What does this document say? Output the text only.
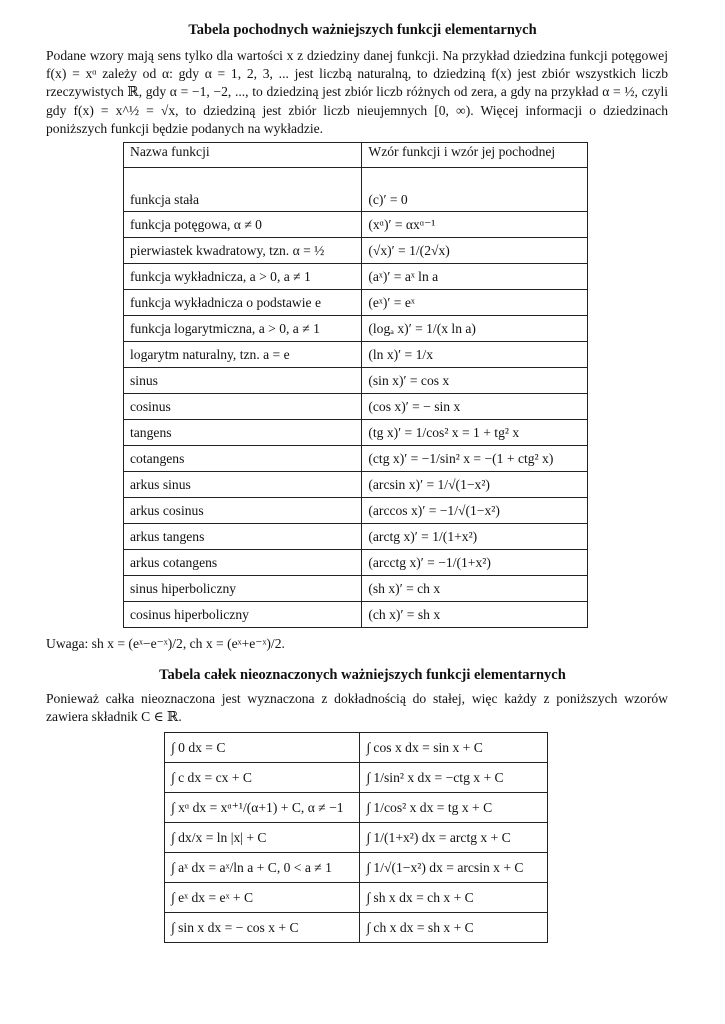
Tabela pochodnych ważniejszych funkcji elementarnych

Podane wzory mają sens tylko dla wartości x z dziedziny danej funkcji. Na przykład dziedzina funkcji potęgowej f(x) = xᵅ zależy od α: gdy α = 1, 2, 3, ... jest liczbą naturalną, to dziedziną f(x) jest zbiór wszystkich liczb rzeczywistych ℝ, gdy α = −1, −2, ..., to dziedziną jest zbiór liczb różnych od zera, a gdy na przykład α = ½, czyli gdy f(x) = x^½ = √x, to dziedziną jest zbiór liczb nieujemnych [0, ∞). Więcej informacji o dziedzinach poniższych funkcji będzie podanych na wykładzie.

Nazwa funkcji	Wzór funkcji i wzór jej pochodnej
funkcja stała	(c)′ = 0
funkcja potęgowa, α ≠ 0	(xᵅ)′ = αxᵅ⁻¹
pierwiastek kwadratowy, tzn. α = ½	(√x)′ = 1/(2√x)
funkcja wykładnicza, a > 0, a ≠ 1	(aˣ)′ = aˣ ln a
funkcja wykładnicza o podstawie e	(eˣ)′ = eˣ
funkcja logarytmiczna, a > 0, a ≠ 1	(logₐ x)′ = 1/(x ln a)
logarytm naturalny, tzn. a = e	(ln x)′ = 1/x
sinus	(sin x)′ = cos x
cosinus	(cos x)′ = − sin x
tangens	(tg x)′ = 1/cos² x = 1 + tg² x
cotangens	(ctg x)′ = −1/sin² x = −(1 + ctg² x)
arkus sinus	(arcsin x)′ = 1/√(1−x²)
arkus cosinus	(arccos x)′ = −1/√(1−x²)
arkus tangens	(arctg x)′ = 1/(1+x²)
arkus cotangens	(arcctg x)′ = −1/(1+x²)
sinus hiperboliczny	(sh x)′ = ch x
cosinus hiperboliczny	(ch x)′ = sh x

Uwaga: sh x = (eˣ−e⁻ˣ)/2, ch x = (eˣ+e⁻ˣ)/2.

Tabela całek nieoznaczonych ważniejszych funkcji elementarnych

Ponieważ całka nieoznaczona jest wyznaczona z dokładnością do stałej, więc każdy z poniższych wzorów zawiera składnik C ∈ ℝ.

∫ 0 dx = C	∫ cos x dx = sin x + C
∫ c dx = cx + C	∫ 1/sin² x dx = −ctg x + C
∫ xᵅ dx = xᵅ⁺¹/(α+1) + C, α ≠ −1	∫ 1/cos² x dx = tg x + C
∫ dx/x = ln |x| + C	∫ 1/(1+x²) dx = arctg x + C
∫ aˣ dx = aˣ/ln a + C, 0 < a ≠ 1	∫ 1/√(1−x²) dx = arcsin x + C
∫ eˣ dx = eˣ + C	∫ sh x dx = ch x + C
∫ sin x dx = − cos x + C	∫ ch x dx = sh x + C
